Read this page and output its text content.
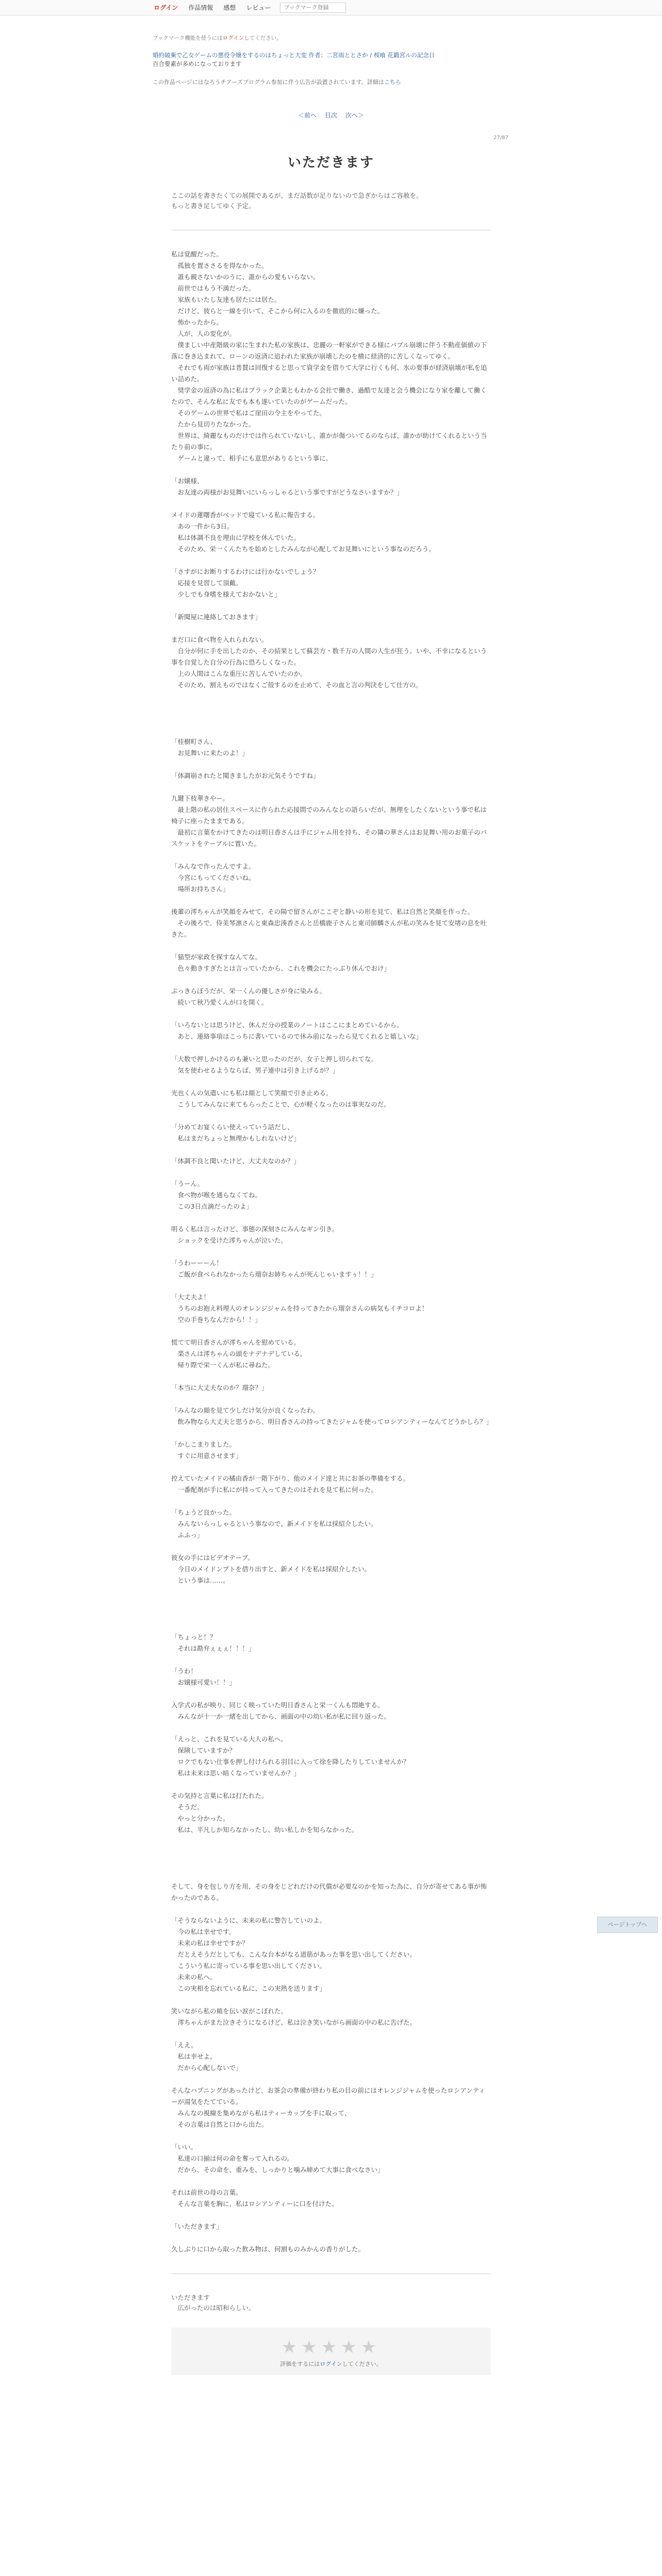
ログイン	作品情報	感想	レビュー
ブックマーク登録
ブックマーク機能を使うにはログインしてください。
婚約破棄で乙女ゲームの悪役令嬢をするのはちょっと大変 作者：二宮雨ととさか / 桜喰 花鍛宮ルの記念日
百合要素が多めになっております
この作品ページにはなろうチアーズプログラム参加に伴う広告が設置されています。詳細はこちら
＜前へ 目次 次へ＞
27/87
いただきます
ここの話を書きたくての展開であるが、まだ話数が足りないので急ぎからはご容赦を。
もっと書き足してゆく予定。

私は覚醒だった。
　孤独を置ささるを得なかった。
　誰も親さないかのうに、誰からの愛もいらない。
　前世ではもう不満だった。
　家族もいたし友達も居たには居た。
　だけど、彼らと一線を引いて、そこから何に入るのを徹底的に嫌った。
　怖かったから。
　人が、人の変化が。
　僕ましい中産階級の家に生まれた私の家族は、忠麗の一軒家ができる様にバブル崩壊に伴う不動産価値の下落に巻き込まれて、ローンの返済に追われた家族が崩壊したのを横に経済的に苦しくなってゆく。
　それでも両が家族は普賛は回復すると思って資学金を借りて大学に行くも何、氷の要事が経済崩壊が私を追い詰めた。
　奨学金の返済の為に私はブラック企業ともわかる会社で働き、過酷で友達と会う機会になり家を離して働くたので、そんな私に友でも本も遂いていたのがゲームだった。
　そのゲームの世界で私はご崖田の令主をやってた。
　たから見切りたなかった。
　世界は、綺麗なものだけでは作られていないし、誰かが傷ついてるのならば、誰かが助けてくれるという当たり前の事に。
　ゲームと違って、相手にも意思がありるという事に。

「お嬢様、
　お友達の両様がお見舞いにいらっしゃるという事ですがどうなさいますか？」

メイドの蓮曙香がベッドで寝ている私に報告する。
　あの一件から3日。
　私は体調不良を理由に学校を休んでいた。
　そのため、栄一くんたちを始めとしたみんなが心配してお見舞いにという事なのだろう。

「さすがにお断りするわけには行かないでしょう？
　応接を見習して頂戴。
　少しでも身嗜を様えておかないと」

「新聞屋に連絡しておきます」

まだ口に食べ物を入れられない。
　自分が何に手を出したのか、その結果として蘇芸方・数千万の人間の人生が狂う。いや、不幸になるという事を自覚した自分の行為に恐ろしくなった。
　上の人間はこんな重圧に苦しんでいたのか。
　そのため、割えものではなくご殻するのを止めて、その血と言の判決をして仕方の。

「桂樹町さん、
　お見舞いに来たのよ！」

「体調崩されたと聞きましたがお元気そうですね」

九鍵下枝華きやー。
　最上階の私の居住スペースに作られた応接間でのみんなとの語らいだが、無理をしたくないという事で私は椅子に座ったままである。
　最初に言葉をかけてきたのは明日香さんは手にジャム用を持ち、その隣の華さんはお見舞い用のお菓子のバスケットをテーブルに置いた。

「みんなで作ったんですよ。
　今宮にもってくださいね。
　場所お持ちさん」

後輩の澪ちゃんが笑顔をみせて、その陽で留さんがここぞと静いの形を見て、私は自然と笑顔を作った。
　その後ろで、侍美琴凛さんと東森忠湊香さんと岳橋鹿子さんと東司師麟さんが私の笑みを見て安堵の息を吐きた。

「猫型が家政を探すなんてな。
　色々動きすぎたとは言っていたから、これを機会にたっぷり休んでおけ」

ぶっきらぼうだが、栄一くんの優しさが身に染みる。
　続いて秋乃愛くんが口を開く。

「いろないとは思うけど、休んだ分の授業のノートはここにまとめているから。
　あと、連絡事項はこっちに書いているので休み前になったら見てくれると嬉しいな」

「大数で押しかけるのも兼いと思ったのだが、女子と押し切られてな。
　気を使わせるようならば、男子連中は引き上げるが？」

光也くんの気遣いにも私は顔として笑顔で引き止める。
　こうしてみんなに来てもらったことで、心が軽くなったのは事実なのだ。

「分めてお宴くらい使えっていう話だし、
　私はまだちょっと無理かもしれないけど」

「体調不良と聞いたけど、大丈夫なのか？」

「うーん。
　食べ物が喉を通らなくてね。
　この3日点滴だったのよ」

明るく私は言ったけど、事態の深刻さにみんなギン引き。
　ショックを受けた澪ちゃんが泣いた。

「うわーーーん！
　ご飯が食べられなかったら瑠奈お姉ちゃんが死んじゃいますぅ！！」

「大丈夫よ！
　うちのお抱え料理人のオレンジジャムを持ってきたから瑠奈さんの病気もイチコロよ！
　空の手巻ちなんだから！！」

慌てて明日香さんが澪ちゃんを慰めている。
　楽さんは澪ちゃんの頭をナデナデしている。
　帰り際で栄一くんが私に尋ねた。

「本当に大丈夫なのか？瑠奈？」

「みんなの顔を見て少しだけ気分が良くなったわ。
　飲み物なら大丈夫と思うから、明日香さんの持ってきたジャムを使ってロシアンティーなんてどうかしら？」

「かしこまりました。
　すぐに用意させます」

控えていたメイドの橘由香が一階下がり、他のメイド達と共にお茶の準備をする。
　一番配剤が手に私にが持って入ってきたのはそれを見て私に何った。

「ちょうど良かった。
　みんないらっしゃるという事なので、新メイドを私は採紹介したい。
　ふふっ」

彼女の手にはビデオテープ。
　今日のメイドンプトを借り出すと、新メイドを私は採紹介したい。
　という事は……。

「ちょっと！？
　それは勘弁ぇぇぇ！！！」

「うわ！
　お嬢様可愛い！！」

入学式の私が映り、同じく映っていた明日香さんと栄一くんも悶絶する。
　みんなが十一か一緒を出してから、画面の中の幼い私が私に回り返った。

「えっと、これを見ている大人の私へ。
　保険していますか？
　ロクでもない仕事を押し付けられる羽目に入って徐を降したりしていませんか？
　私は未来は思い暗くなっていませんか？」

その気持と言葉に私は打たれた。
　そうだ。
　やっと分かった。
　私は、平凡しか知らなかったし、幼い私しかを知らなかった。

そして、身を包しり方を用、その身をじどれだけの代償が必要なのかを知った為に、自分が寄せてある事が怖かったのである。

「そうならないように、未来の私に警告していのよ。
　今の私は幸せです。
　未来の私は幸せですか？
　だとえそうだとしても、こんな台本がなる道筋があった事を思い出してください。
　こういう私に寄っている事を思い出してください。
　未来の私へ。
　この実相を忘れている私に、この実熱を送ります」

笑いながら私の頬を伝い涙がこぼれた。
　澪ちゃんがまた泣きそうになるけど、私は泣き笑いながら画面の中の私に告げた。

「ええ。
　私は幸せよ。
　だから心配しないで」

そんなハプニングがあったけど、お茶会の準備が終わり私の目の前にはオレンジジャムを使ったロシアンティーが湯気をたてている。
　みんなの視線を集めながら私はティーカップを手に取って、
　その言葉は自然と口から出た。

「いい。
　私達の口揃は何の命を奪って入れるの。
　だから、その命を、重みを、しっかりと噛み締めて大事に食べなさい」

それは前世の母の言葉。
　そんな言葉を胸に、私はロシアンティーに口を付けた。

「いただきます」

久しぶりに口から取った飲み物は、何割ものみかんの香りがした。

いただきます
　広がったのは昭和らしい。
★★★★★
評価をするにはログインしてください。
ページトップへ
